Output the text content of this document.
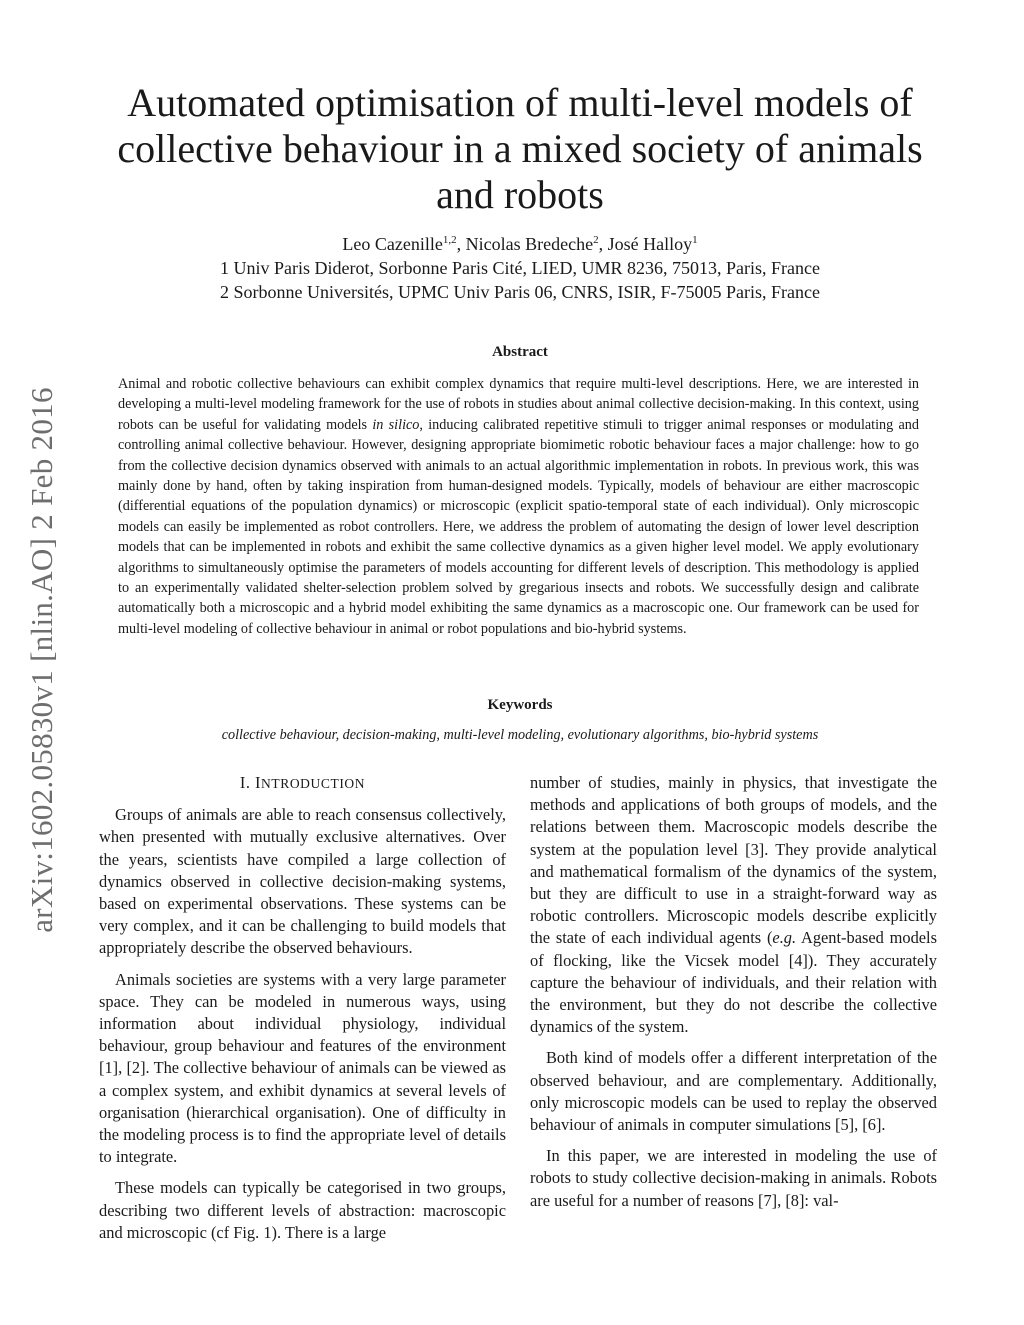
arXiv:1602.05830v1 [nlin.AO] 2 Feb 2016
Automated optimisation of multi-level models of collective behaviour in a mixed society of animals and robots
Leo Cazenille$^{1,2}$, Nicolas Bredeche$^2$, José Halloy$^1$
1 Univ Paris Diderot, Sorbonne Paris Cité, LIED, UMR 8236, 75013, Paris, France
2 Sorbonne Universités, UPMC Univ Paris 06, CNRS, ISIR, F-75005 Paris, France
Abstract

Animal and robotic collective behaviours can exhibit complex dynamics that require multi-level descriptions. Here, we are interested in developing a multi-level modeling framework for the use of robots in studies about animal collective decision-making. In this context, using robots can be useful for validating models in silico, inducing calibrated repetitive stimuli to trigger animal responses or modulating and controlling animal collective behaviour. However, designing appropriate biomimetic robotic behaviour faces a major challenge: how to go from the collective decision dynamics observed with animals to an actual algorithmic implementation in robots. In previous work, this was mainly done by hand, often by taking inspiration from human-designed models. Typically, models of behaviour are either macroscopic (differential equations of the population dynamics) or microscopic (explicit spatio-temporal state of each individual). Only microscopic models can easily be implemented as robot controllers. Here, we address the problem of automating the design of lower level description models that can be implemented in robots and exhibit the same collective dynamics as a given higher level model. We apply evolutionary algorithms to simultaneously optimise the parameters of models accounting for different levels of description. This methodology is applied to an experimentally validated shelter-selection problem solved by gregarious insects and robots. We successfully design and calibrate automatically both a microscopic and a hybrid model exhibiting the same dynamics as a macroscopic one. Our framework can be used for multi-level modeling of collective behaviour in animal or robot populations and bio-hybrid systems.

Keywords
collective behaviour, decision-making, multi-level modeling, evolutionary algorithms, bio-hybrid systems
I. INTRODUCTION

Groups of animals are able to reach consensus collectively, when presented with mutually exclusive alternatives. Over the years, scientists have compiled a large collection of dynamics observed in collective decision-making systems, based on experimental observations. These systems can be very complex, and it can be challenging to build models that appropriately describe the observed behaviours.

Animals societies are systems with a very large parameter space. They can be modeled in numerous ways, using information about individual physiology, individual behaviour, group behaviour and features of the environment [1], [2]. The collective behaviour of animals can be viewed as a complex system, and exhibit dynamics at several levels of organisation (hierarchical organisation). One of difficulty in the modeling process is to find the appropriate level of details to integrate.

These models can typically be categorised in two groups, describing two different levels of abstraction: macroscopic and microscopic (cf Fig. 1). There is a large

number of studies, mainly in physics, that investigate the methods and applications of both groups of models, and the relations between them. Macroscopic models describe the system at the population level [3]. They provide analytical and mathematical formalism of the dynamics of the system, but they are difficult to use in a straight-forward way as robotic controllers. Microscopic models describe explicitly the state of each individual agents (e.g. Agent-based models of flocking, like the Vicsek model [4]). They accurately capture the behaviour of individuals, and their relation with the environment, but they do not describe the collective dynamics of the system.

Both kind of models offer a different interpretation of the observed behaviour, and are complementary. Additionally, only microscopic models can be used to replay the observed behaviour of animals in computer simulations [5], [6].

In this paper, we are interested in modeling the use of robots to study collective decision-making in animals. Robots are useful for a number of reasons [7], [8]: val-
